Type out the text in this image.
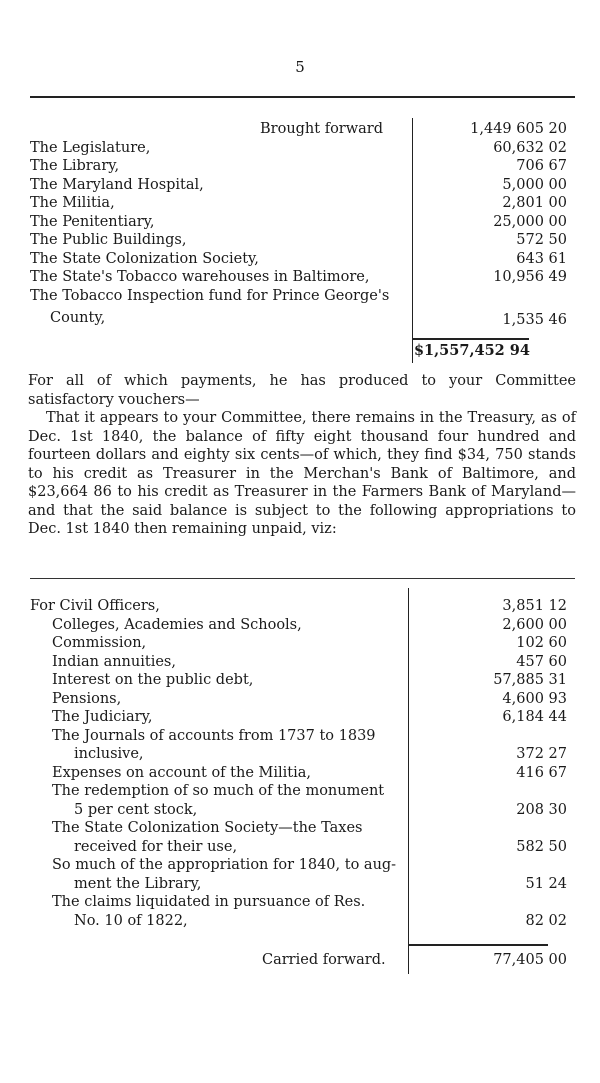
5
Brought forward	1,449 605 20
The Legislature,	60,632 02
The Library,	706 67
The Maryland Hospital,	5,000 00
The Militia,	2,801 00
The Penitentiary,	25,000 00
The Public Buildings,	572 50
The State Colonization Society,	643 61
The State's Tobacco warehouses in Baltimore,	10,956 49
The Tobacco Inspection fund for Prince George's
County,	1,535 46
$1,557,452 94

For all of which payments, he has produced to your Committee satisfactory vouchers—

That it appears to your Committee, there remains in the Treasury, as of Dec. 1st 1840, the balance of fifty eight thousand four hundred and fourteen dollars and eighty six cents—of which, they find $34, 750 stands to his credit as Treasurer in the Merchan's Bank of Baltimore, and $23,664 86 to his credit as Treasurer in the Farmers Bank of Maryland—and that the said balance is subject to the following appropriations to Dec. 1st 1840 then remaining unpaid, viz:

For Civil Officers,	3,851 12
Colleges, Academies and Schools,	2,600 00
Commission,	102 60
Indian annuities,	457 60
Interest on the public debt,	57,885 31
Pensions,	4,600 93
The Judiciary,	6,184 44
The Journals of accounts from 1737 to 1839
inclusive,	372 27
Expenses on account of the Militia,	416 67
The redemption of so much of the monument
5 per cent stock,	208 30
The State Colonization Society—the Taxes
received for their use,	582 50
So much of the appropriation for 1840, to aug-
ment the Library,	51 24
The claims liquidated in pursuance of Res.
No. 10 of 1822,	82 02
Carried forward.	77,405 00
